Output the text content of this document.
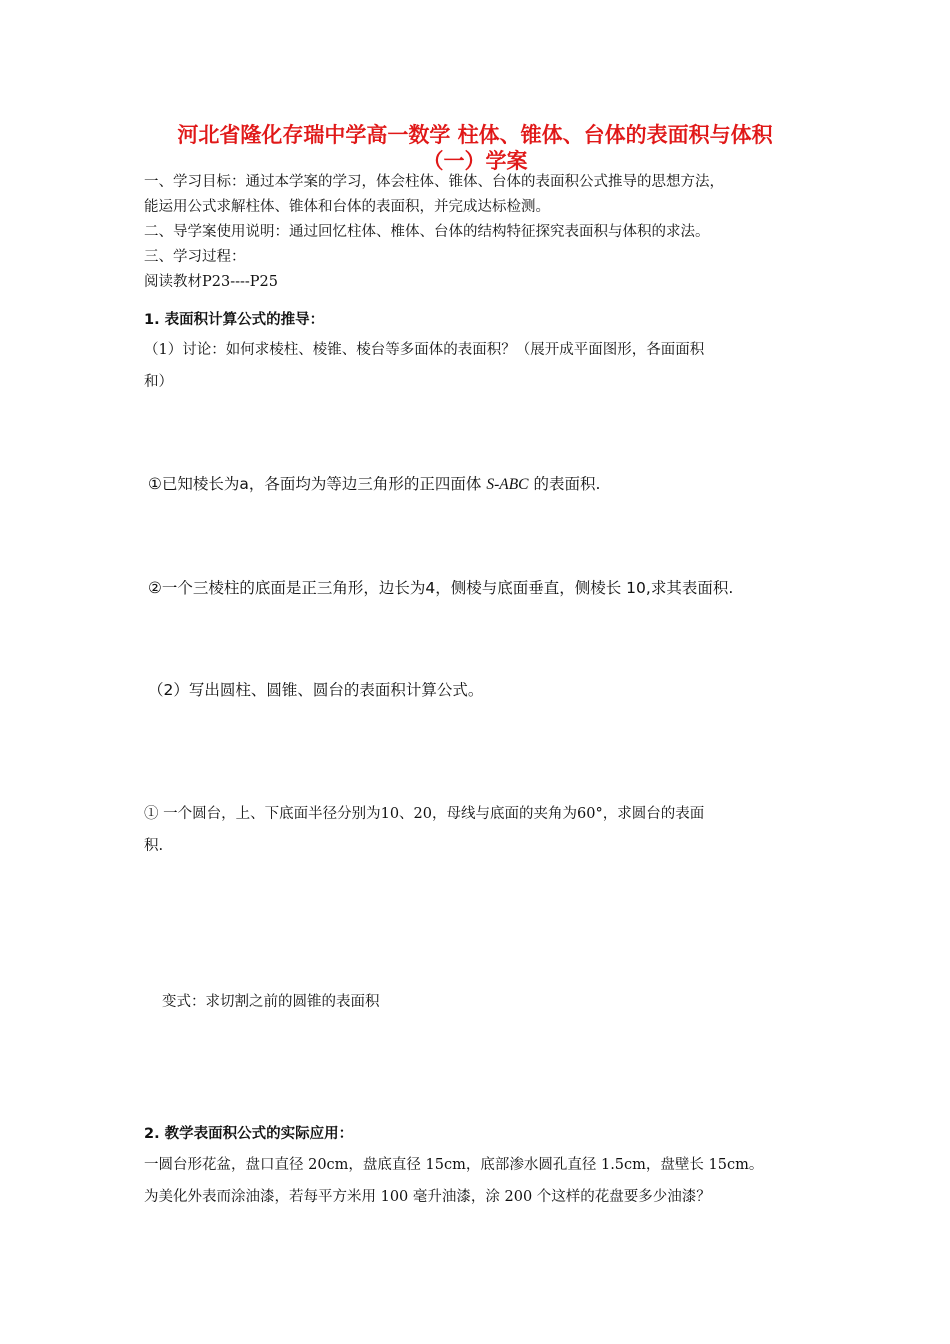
河北省隆化存瑞中学高一数学 柱体、锥体、台体的表面积与体积
（一）学案
一、学习目标：通过本学案的学习，体会柱体、锥体、台体的表面积公式推导的思想方法，
能运用公式求解柱体、锥体和台体的表面积，并完成达标检测。
二、导学案使用说明：通过回忆柱体、椎体、台体的结构特征探究表面积与体积的求法。
三、学习过程：
阅读教材P23----P25
1. 表面积计算公式的推导：
（1）讨论：如何求棱柱、棱锥、棱台等多面体的表面积？（展开成平面图形，各面面积
和）
①已知棱长为a，各面均为等边三角形的正四面体 S-ABC 的表面积.
②一个三棱柱的底面是正三角形，边长为4，侧棱与底面垂直，侧棱长 10,求其表面积.
（2）写出圆柱、圆锥、圆台的表面积计算公式。
① 一个圆台，上、下底面半径分别为10、20，母线与底面的夹角为60°，求圆台的表面
积.
变式：求切割之前的圆锥的表面积
2. 教学表面积公式的实际应用：
一圆台形花盆，盘口直径 20cm，盘底直径 15cm，底部渗水圆孔直径 1.5cm，盘壁长 15cm。
为美化外表而涂油漆，若每平方米用 100 毫升油漆，涂 200 个这样的花盘要多少油漆？
